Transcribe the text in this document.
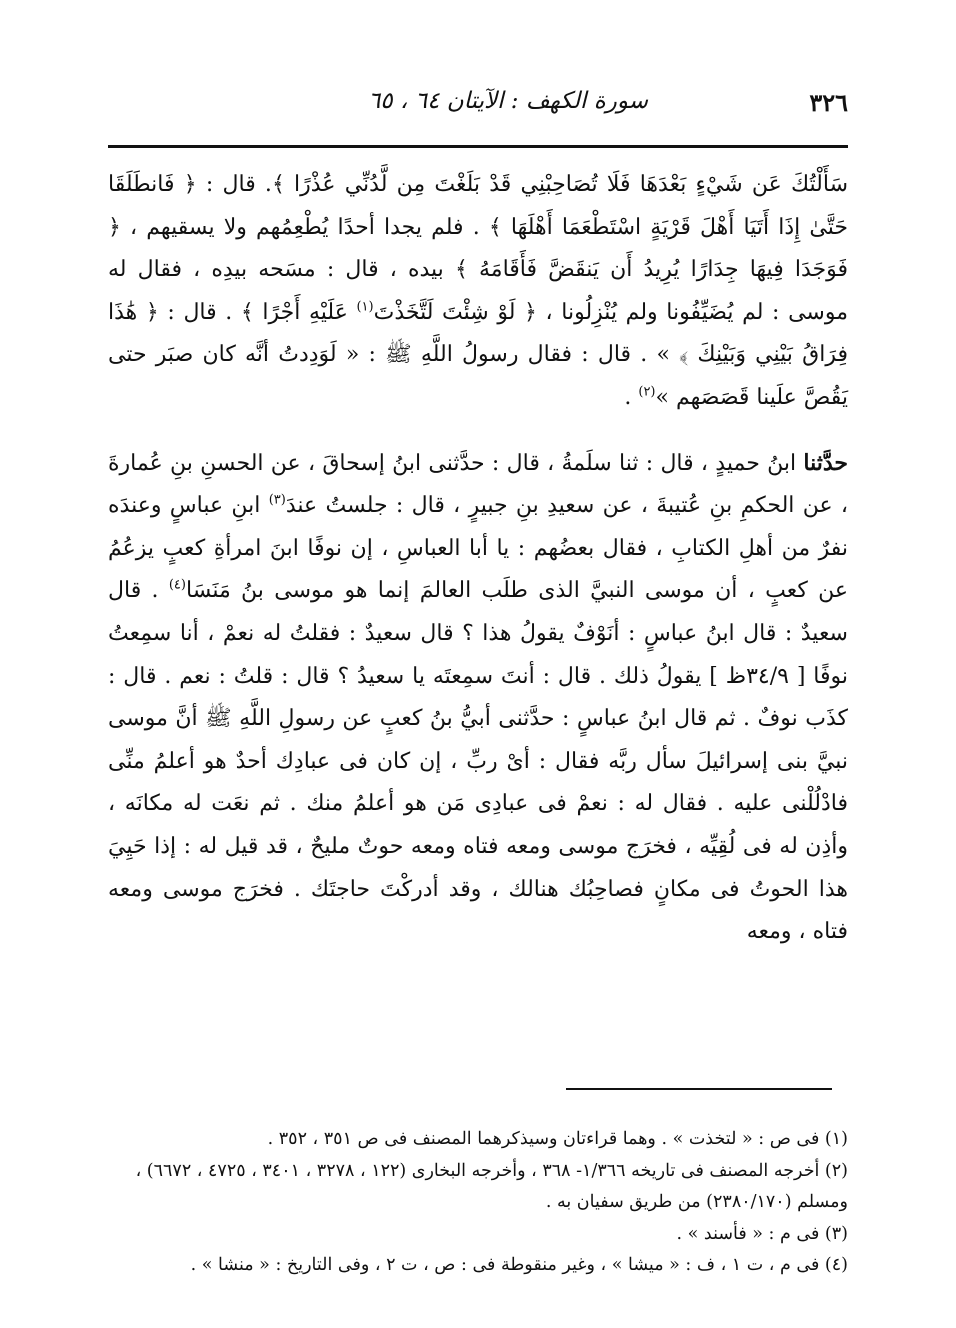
٣٢٦
سورة الكهف : الآيتان ٦٤ ، ٦٥

سَأَلْتُكَ عَن شَيْءٍ بَعْدَهَا فَلَا تُصَاحِبْنِي قَدْ بَلَغْتَ مِن لَّدُنِّي عُذْرًا ﴾. قال : ﴿ فَانطَلَقَا حَتَّىٰ إِذَا أَتَيَا أَهْلَ قَرْيَةٍ اسْتَطْعَمَا أَهْلَهَا ﴾ . فلم يجدا أحدًا يُطْعِمُهم ولا يسقيهم ، ﴿ فَوَجَدَا فِيهَا جِدَارًا يُرِيدُ أَن يَنقَضَّ فَأَقَامَهُ ﴾ بيده ، قال : مسَحه بيدِه ، فقال له موسى : لم يُضَيِّفُونا ولم يُنْزِلُونا ، ﴿ لَوْ شِئْتَ لَتَّخَذْتَ$^{(١)}$ عَلَيْهِ أَجْرًا ﴾ . قال : ﴿ هَٰذَا فِرَاقُ بَيْنِي وَبَيْنِكَ ﴾ » . قال : فقال رسولُ اللَّهِ ﷺ : « لَوَدِدتُ أنَّه كان صبَر حتى يَقُصَّ علَينا قَصَصَهم »$^{(٢)}$ .

حدَّثنا ابنُ حميدٍ ، قال : ثنا سلَمةُ ، قال : حدَّثنى ابنُ إسحاقَ ، عن الحسنِ بنِ عُمارةَ ، عن الحكمِ بنِ عُتيبةَ ، عن سعيدِ بنِ جبيرٍ ، قال : جلستُ عندَ$^{(٣)}$ ابنِ عباسٍ وعندَه نفرٌ من أهلِ الكتابِ ، فقال بعضُهم : يا أبا العباسِ ، إن نوفًا ابنَ امرأةِ كعبٍ يزعُمُ عن كعبٍ ، أن موسى النبيَّ الذى طلَب العالمَ إنما هو موسى بنُ مَنَسَا$^{(٤)}$ . قال سعيدٌ : قال ابنُ عباسٍ : أنَوْفٌ يقولُ هذا ؟ قال سعيدٌ : فقلتُ له نعمْ ، أنا سمِعتُ نوفًا [ ٣٤/٩ظ ] يقولُ ذلك . قال : أنتَ سمِعتَه يا سعيدُ ؟ قال : قلتُ : نعم . قال : كذَب نوفٌ . ثم قال ابنُ عباسٍ : حدَّثنى أبيُّ بنُ كعبٍ عن رسولِ اللَّهِ ﷺ أنَّ موسى نبيَّ بنى إسرائيلَ سأل ربَّه فقال : أىْ ربِّ ، إن كان فى عبادِك أحدٌ هو أعلمُ منِّى فادْلُلْنى عليه . فقال له : نعمْ فى عبادِى مَن هو أعلمُ منك . ثم نعَت له مكانَه ، وأذِن له فى لُقِيِّه ، فخرَج موسى ومعه فتاه ومعه حوتٌ مليحٌ ، قد قيل له : إذا حَيِيَ هذا الحوتُ فى مكانٍ فصاحِبُك هنالك ، وقد أدركْتَ حاجتَك . فخرَج موسى ومعه فتاه ، ومعه

(١) فى ص : « لتخذت » . وهما قراءتان وسيذكرهما المصنف فى ص ٣٥١ ، ٣٥٢ .

(٢) أخرجه المصنف فى تاريخه ١/٣٦٦- ٣٦٨ ، وأخرجه البخارى (١٢٢ ، ٣٢٧٨ ، ٣٤٠١ ، ٤٧٢٥ ، ٦٦٧٢) ، ومسلم (٢٣٨٠/١٧٠) من طريق سفيان به .

(٣) فى م : « فأسند » .

(٤) فى م ، ت ١ ، ف : « ميشا » ، وغير منقوطة فى : ص ، ت ٢ ، وفى التاريخ : « منشا » .
